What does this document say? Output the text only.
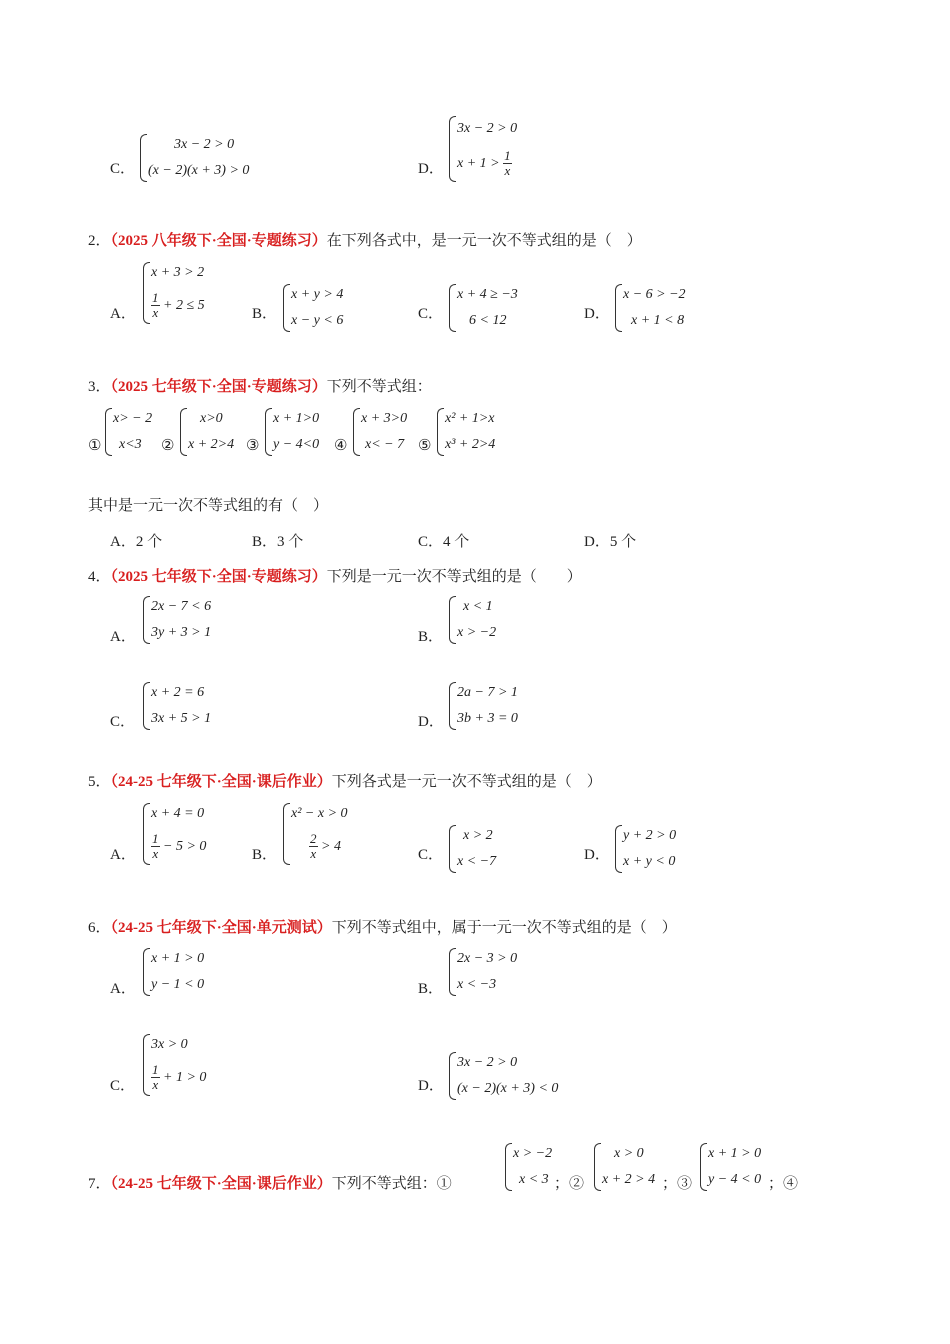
C．
3x − 2 > 0
(x − 2)(x + 3) > 0	D．
3x − 2 > 0
$x + 1 > \frac{1}{x}$
2．（2025 八年级下·全国·专题练习）在下列各式中，是一元一次不等式组的是（　）
A．
x + 3 > 2
$\frac{1}{x} + 2 \le 5$
B．
x + y > 4
x − y < 6	C．
x + 4 ≥ −3
6 < 12	D．
x − 6 > −2
x + 1 < 8
3．（2025 七年级下·全国·专题练习）下列不等式组：
①
x> − 2
x<3	②
x>0
x + 2>4 ③
x + 1>0
y − 4<0 ④
x + 3>0
x< − 7 ⑤
x² + 1>x
x³ + 2>4
其中是一元一次不等式组的有（　）
A．2 个	B．3 个	C．4 个	D．5 个
4．（2025 七年级下·全国·专题练习）下列是一元一次不等式组的是（　　）
A．
2x − 7 < 6
3y + 3 > 1	B．
x < 1
x > −2
C．
x + 2 = 6
3x + 5 > 1	D．
2a − 7 > 1
3b + 3 = 0
5．（24-25 七年级下·全国·课后作业）下列各式是一元一次不等式组的是（　）
A．
x + 4 = 0
$\frac{1}{x} - 5 > 0$
B．
x² − x > 0
$\frac{2}{x} > 4$
C．
x > 2
x < −7	D．
y + 2 > 0
x + y < 0
6．（24-25 七年级下·全国·单元测试）下列不等式组中，属于一元一次不等式组的是（　）
A．
x + 1 > 0
y − 1 < 0	B．
2x − 3 > 0
x < −3
C．
3x > 0
$\frac{1}{x} + 1 > 0$
D．
3x − 2 > 0
(x − 2)(x + 3) < 0
7．（24-25 七年级下·全国·课后作业）下列不等式组：①
x > −2
x < 3 ；②
x > 0
x + 2 > 4 ；③
x + 1 > 0
y − 4 < 0 ；④
